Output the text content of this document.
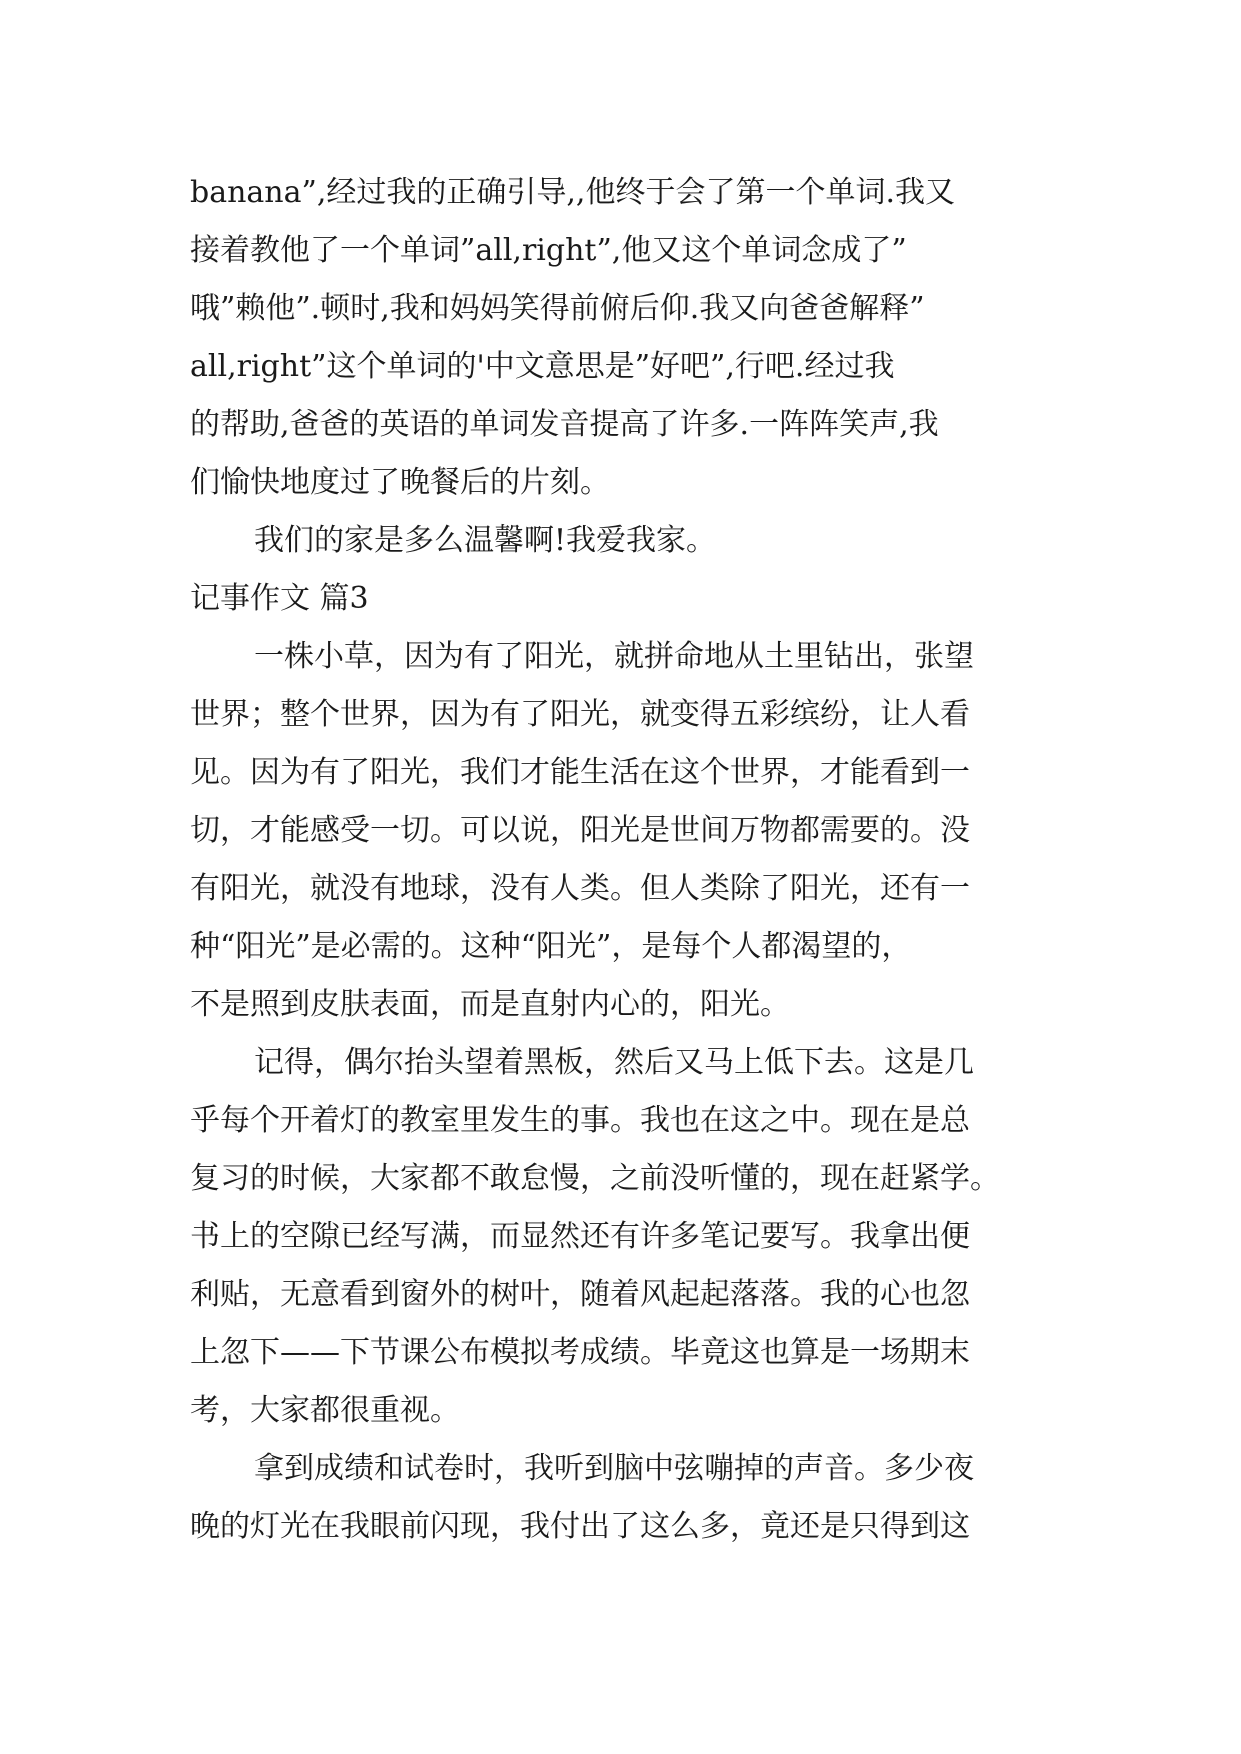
banana”,经过我的正确引导,,他终于会了第一个单词.我又
接着教他了一个单词”all,right”,他又这个单词念成了”
哦”赖他”.顿时,我和妈妈笑得前俯后仰.我又向爸爸解释”
all,right”这个单词的'中文意思是”好吧”,行吧.经过我
的帮助,爸爸的英语的单词发音提高了许多.一阵阵笑声,我
们愉快地度过了晚餐后的片刻。
我们的家是多么温馨啊!我爱我家。
记事作文 篇3
一株小草，因为有了阳光，就拼命地从土里钻出，张望
世界；整个世界，因为有了阳光，就变得五彩缤纷，让人看
见。因为有了阳光，我们才能生活在这个世界，才能看到一
切，才能感受一切。可以说，阳光是世间万物都需要的。没
有阳光，就没有地球，没有人类。但人类除了阳光，还有一
种“阳光”是必需的。这种“阳光”，是每个人都渴望的，
不是照到皮肤表面，而是直射内心的，阳光。
记得，偶尔抬头望着黑板，然后又马上低下去。这是几
乎每个开着灯的教室里发生的事。我也在这之中。现在是总
复习的时候，大家都不敢怠慢，之前没听懂的，现在赶紧学。
书上的空隙已经写满，而显然还有许多笔记要写。我拿出便
利贴，无意看到窗外的树叶，随着风起起落落。我的心也忽
上忽下——下节课公布模拟考成绩。毕竟这也算是一场期末
考，大家都很重视。
拿到成绩和试卷时，我听到脑中弦嘣掉的声音。多少夜
晚的灯光在我眼前闪现，我付出了这么多，竟还是只得到这
